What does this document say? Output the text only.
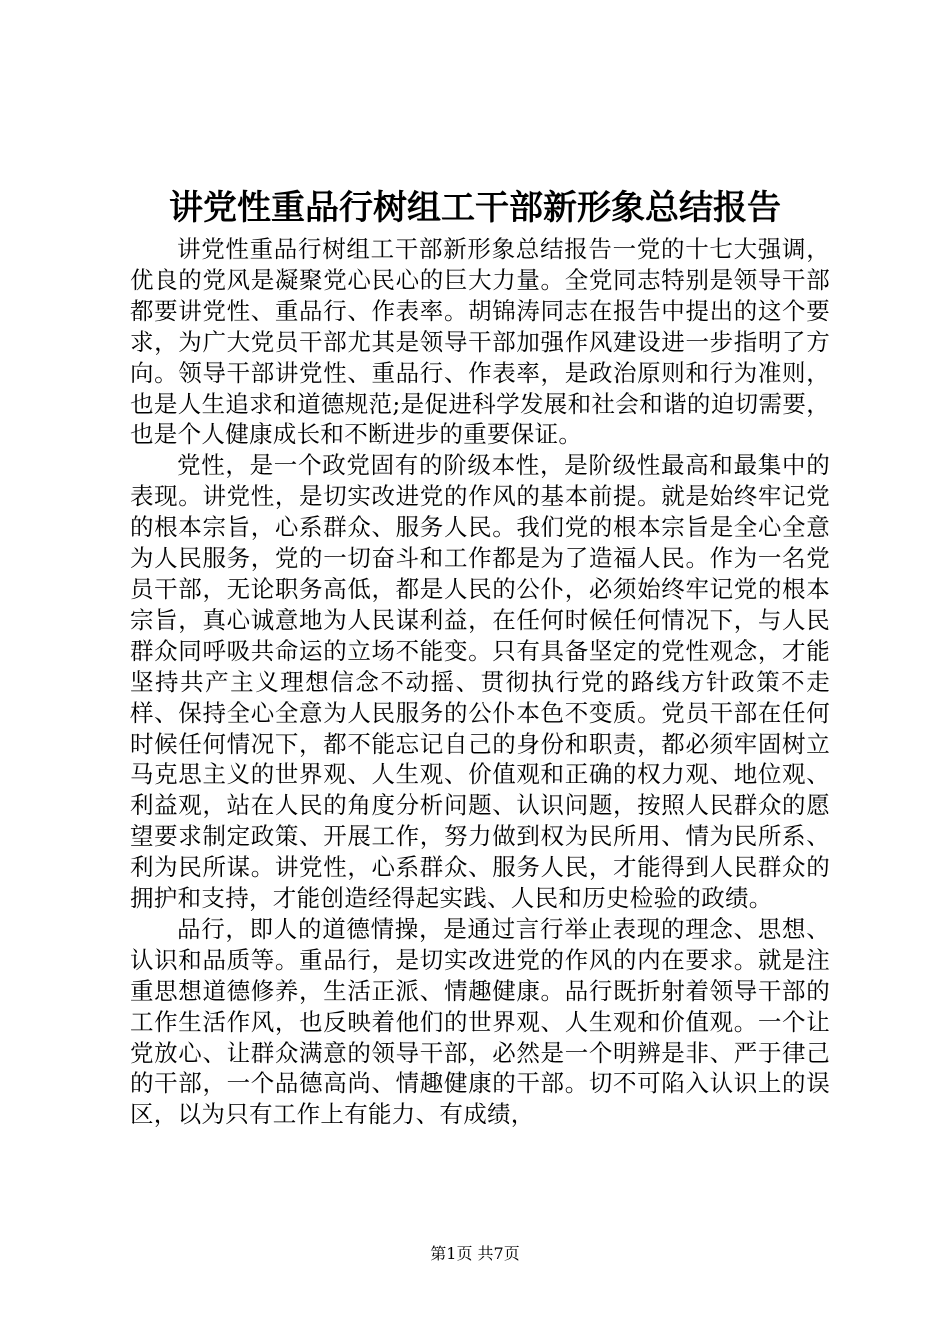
讲党性重品行树组工干部新形象总结报告

讲党性重品行树组工干部新形象总结报告一党的十七大强调，优良的党风是凝聚党心民心的巨大力量。全党同志特别是领导干部都要讲党性、重品行、作表率。胡锦涛同志在报告中提出的这个要求，为广大党员干部尤其是领导干部加强作风建设进一步指明了方向。领导干部讲党性、重品行、作表率，是政治原则和行为准则，也是人生追求和道德规范;是促进科学发展和社会和谐的迫切需要，也是个人健康成长和不断进步的重要保证。

党性，是一个政党固有的阶级本性，是阶级性最高和最集中的表现。讲党性，是切实改进党的作风的基本前提。就是始终牢记党的根本宗旨，心系群众、服务人民。我们党的根本宗旨是全心全意为人民服务，党的一切奋斗和工作都是为了造福人民。作为一名党员干部，无论职务高低，都是人民的公仆，必须始终牢记党的根本宗旨，真心诚意地为人民谋利益，在任何时候任何情况下，与人民群众同呼吸共命运的立场不能变。只有具备坚定的党性观念，才能坚持共产主义理想信念不动摇、贯彻执行党的路线方针政策不走样、保持全心全意为人民服务的公仆本色不变质。党员干部在任何时候任何情况下，都不能忘记自己的身份和职责，都必须牢固树立马克思主义的世界观、人生观、价值观和正确的权力观、地位观、利益观，站在人民的角度分析问题、认识问题，按照人民群众的愿望要求制定政策、开展工作，努力做到权为民所用、情为民所系、利为民所谋。讲党性，心系群众、服务人民，才能得到人民群众的拥护和支持，才能创造经得起实践、人民和历史检验的政绩。

品行，即人的道德情操，是通过言行举止表现的理念、思想、认识和品质等。重品行，是切实改进党的作风的内在要求。就是注重思想道德修养，生活正派、情趣健康。品行既折射着领导干部的工作生活作风，也反映着他们的世界观、人生观和价值观。一个让党放心、让群众满意的领导干部，必然是一个明辨是非、严于律己的干部，一个品德高尚、情趣健康的干部。切不可陷入认识上的误区，以为只有工作上有能力、有成绩，

第1页 共7页
